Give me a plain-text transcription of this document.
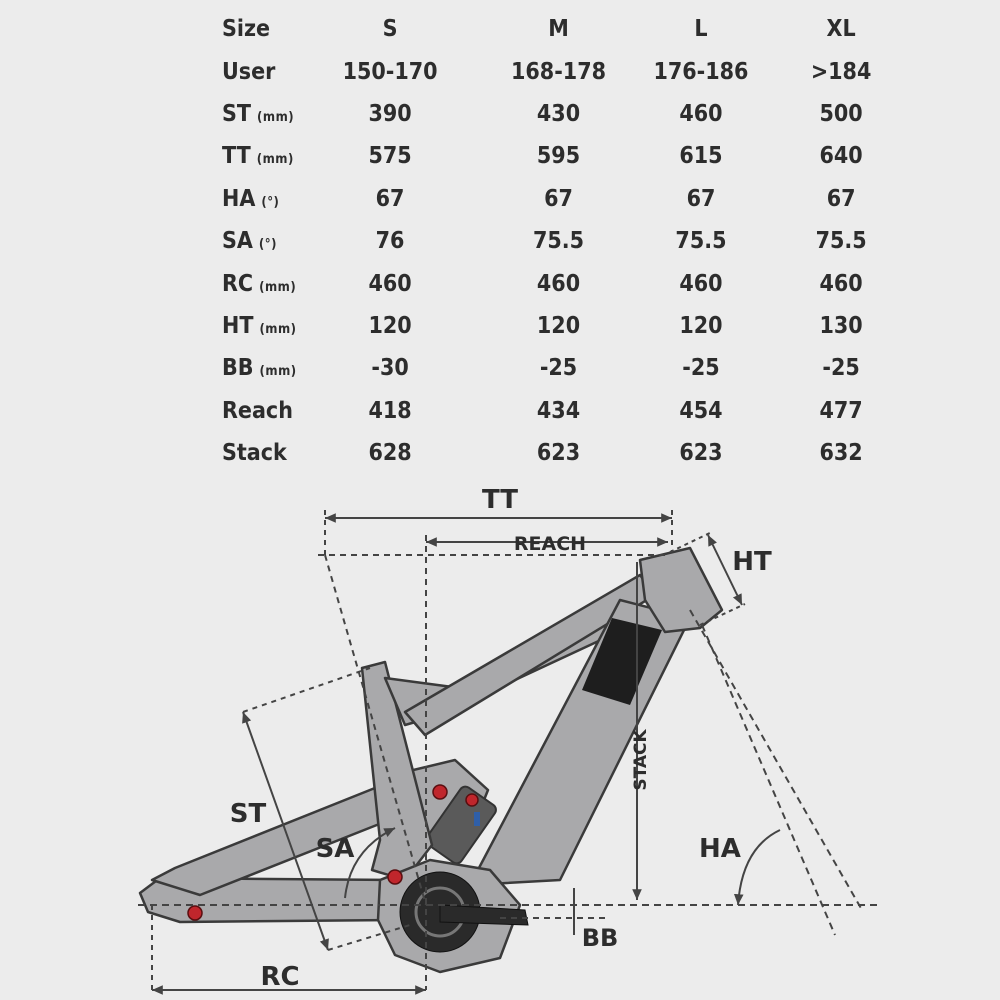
Size	S	M	L	XL
User	150-170	168-178	176-186	>184
ST (mm)	390	430	460	500
TT (mm)	575	595	615	640
HA (°)	67	67	67	67
SA (°)	76	75.5	75.5	75.5
RC (mm)	460	460	460	460
HT (mm)	120	120	120	130
BB (mm)	-30	-25	-25	-25
Reach	418	434	454	477
Stack	628	623	623	632
TT
REACH
HT
ST
SA
STACK
HA
BB
RC
